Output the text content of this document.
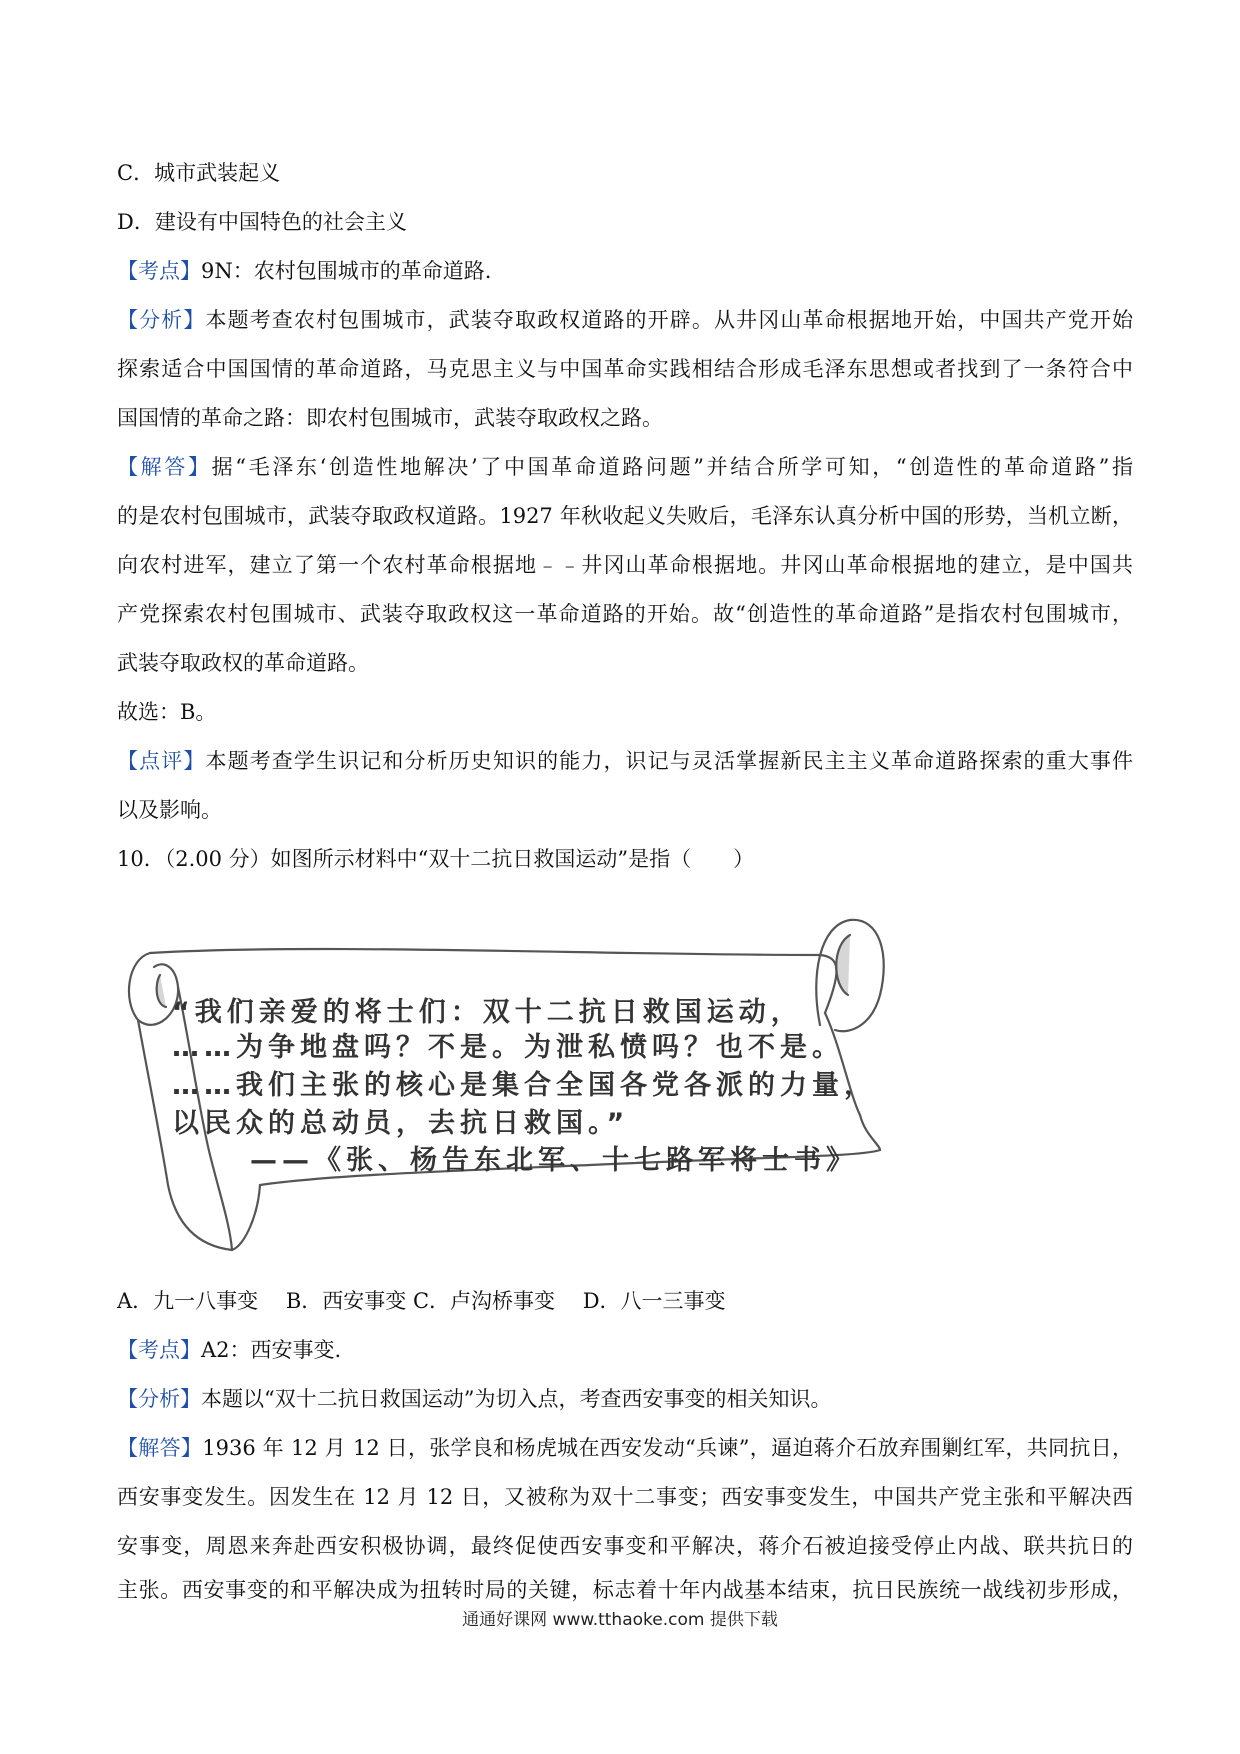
C．城市武装起义
D．建设有中国特色的社会主义
【考点】9N：农村包围城市的革命道路.
【分析】本题考查农村包围城市，武装夺取政权道路的开辟。从井冈山革命根据地开始，中国共产党开始
探索适合中国国情的革命道路，马克思主义与中国革命实践相结合形成毛泽东思想或者找到了一条符合中
国国情的革命之路：即农村包围城市，武装夺取政权之路。
【解答】据“毛泽东‘创造性地解决’了中国革命道路问题”并结合所学可知，“创造性的革命道路”指
的是农村包围城市，武装夺取政权道路。1927 年秋收起义失败后，毛泽东认真分析中国的形势，当机立断，
向农村进军，建立了第一个农村革命根据地﹣﹣井冈山革命根据地。井冈山革命根据地的建立，是中国共
产党探索农村包围城市、武装夺取政权这一革命道路的开始。故“创造性的革命道路”是指农村包围城市，
武装夺取政权的革命道路。
故选：B。
【点评】本题考查学生识记和分析历史知识的能力，识记与灵活掌握新民主主义革命道路探索的重大事件
以及影响。
10．（2.00 分）如图所示材料中“双十二抗日救国运动”是指（　　）
“我们亲爱的将士们：双十二抗日救国运动，
……为争地盘吗？不是。为泄私愤吗？也不是。
……我们主张的核心是集合全国各党各派的力量，
以民众的总动员，去抗日救国。”
——《张、杨告东北军、十七路军将士书》
A．九一八事变　 B．西安事变 C．卢沟桥事变　 D．八一三事变
【考点】A2：西安事变.
【分析】本题以“双十二抗日救国运动”为切入点，考查西安事变的相关知识。
【解答】1936 年 12 月 12 日，张学良和杨虎城在西安发动“兵谏”，逼迫蒋介石放弃围剿红军，共同抗日，
西安事变发生。因发生在 12 月 12 日，又被称为双十二事变；西安事变发生，中国共产党主张和平解决西
安事变，周恩来奔赴西安积极协调，最终促使西安事变和平解决，蒋介石被迫接受停止内战、联共抗日的
主张。西安事变的和平解决成为扭转时局的关键，标志着十年内战基本结束，抗日民族统一战线初步形成，
通通好课网 www.tthaoke.com 提供下载
